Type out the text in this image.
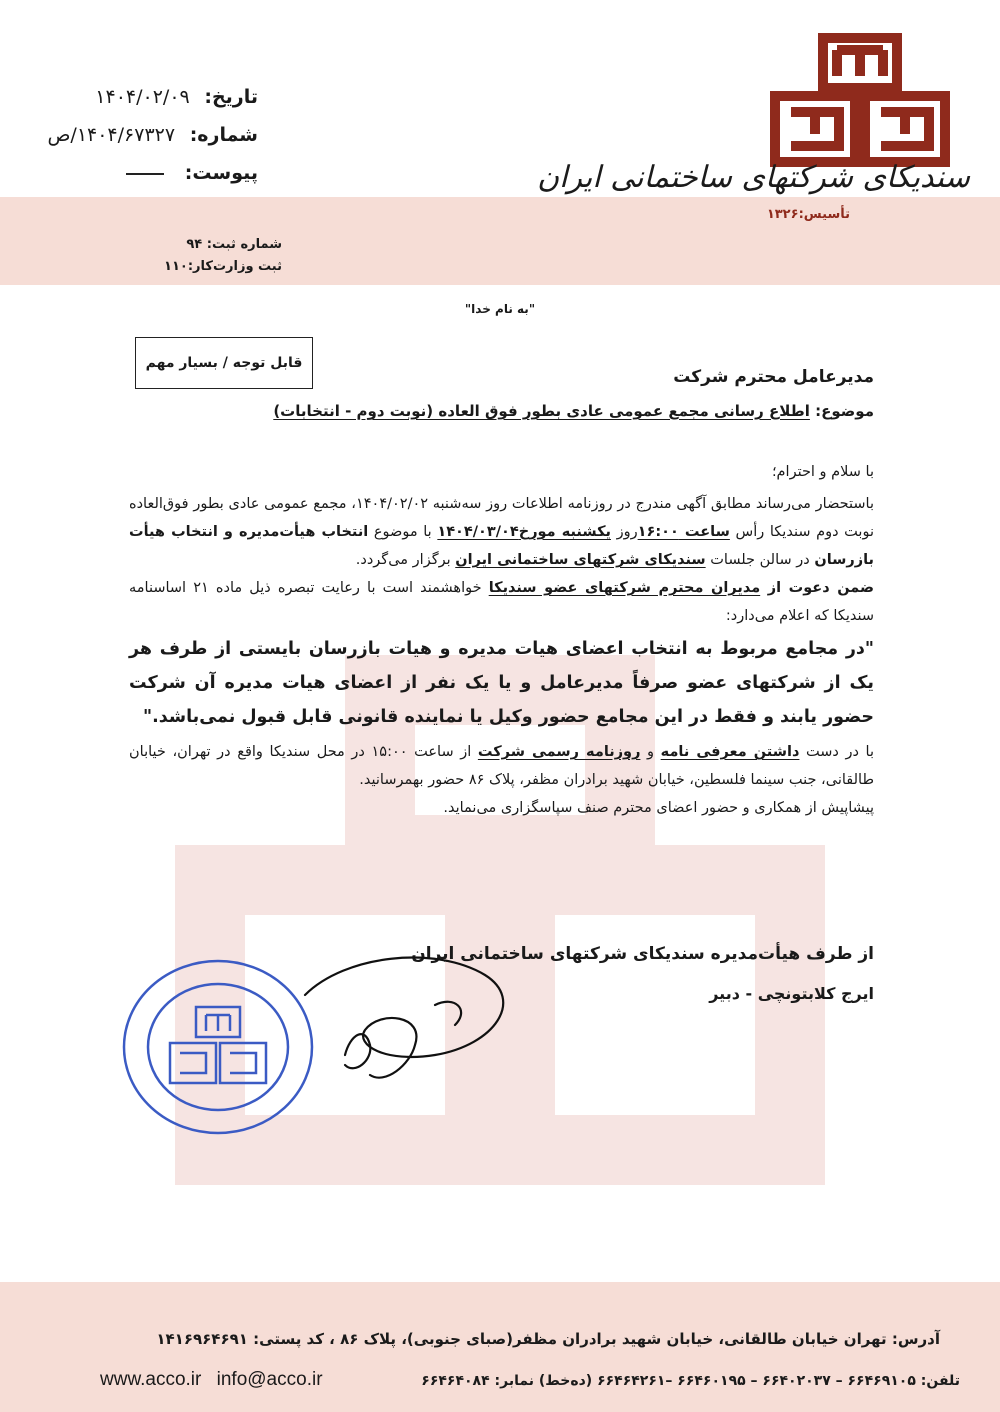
سندیکای شرکتهای ساختمانی ایران
تأسیس:۱۳۲۶
تاریخ: ۱۴۰۴/۰۲/۰۹
شماره: ۱۴۰۴/۶۷۳۲۷/ص
پیوست:
شماره ثبت: ۹۴
ثبت وزارت‌کار:۱۱۰
"به نام خدا"
قابل توجه / بسیار مهم
مدیرعامل محترم شرکت
موضوع: اطلاع رسانی مجمع عمومی عادی بطور فوق العاده (نوبت دوم - انتخابات)

با سلام و احترام؛

باستحضار می‌رساند مطابق آگهی مندرج در روزنامه اطلاعات روز سه‌شنبه ۱۴۰۴/۰۲/۰۲، مجمع عمومی عادی بطور فوق‌العاده نوبت دوم سندیکا رأس ساعت ۱۶:۰۰روز یکشنبه مورخ۱۴۰۴/۰۳/۰۴ با موضوع انتخاب هیأت‌مدیره و انتخاب هیأت بازرسان در سالن جلسات سندیکای شرکتهای ساختمانی ایران برگزار می‌گردد.

ضمن دعوت از مدیران محترم شرکتهای عضو سندیکا خواهشمند است با رعایت تبصره ذیل ماده ۲۱ اساسنامه سندیکا که اعلام می‌دارد:

"در مجامع مربوط به انتخاب اعضای هیات مدیره و هیات بازرسان بایستی از طرف هر یک از شرکتهای عضو صرفاً مدیرعامل و یا یک نفر از اعضای هیات مدیره آن شرکت حضور یابند و فقط در این مجامع حضور وکیل یا نماینده قانونی قابل قبول نمی‌باشد."

با در دست داشتن معرفی نامه و روزنامه رسمی شرکت از ساعت ۱۵:۰۰ در محل سندیکا واقع در تهران، خیابان طالقانی، جنب سینما فلسطین، خیابان شهید برادران مظفر، پلاک ۸۶ حضور بهمرسانید.

پیشاپیش از همکاری و حضور اعضای محترم صنف سپاسگزاری می‌نماید.

از طرف هیأت‌مدیره سندیکای شرکتهای ساختمانی ایران
ایرج کلابتونچی - دبیر
آدرس: تهران خیابان طالقانی، خیابان شهید برادران مظفر(صبای جنوبی)، پلاک ۸۶ ، کد پستی: ۱۴۱۶۹۶۴۶۹۱
تلفن: ۶۶۴۶۹۱۰۵ – ۶۶۴۰۲۰۳۷ – ۶۶۴۶۰۱۹۵ –۶۶۴۶۴۲۶۱ (ده‌خط) نمابر: ۶۶۴۶۴۰۸۴
www.acco.ir info@acco.ir
